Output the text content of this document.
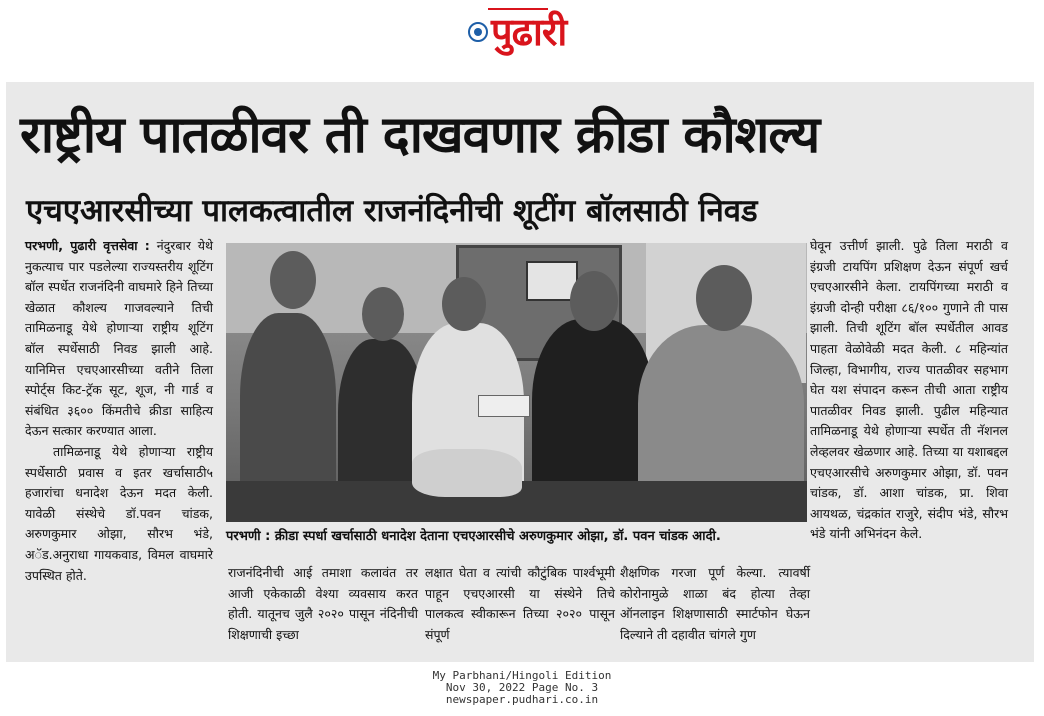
पुढारी
राष्ट्रीय पातळीवर ती दाखवणार क्रीडा कौशल्य
एचएआरसीच्या पालकत्वातील राजनंदिनीची शूटींग बॉलसाठी निवड

परभणी, पुढारी वृत्तसेवा : नंदुरबार येथे नुकत्याच पार पडलेल्या राज्यस्तरीय शूटिंग बॉल स्पर्धेत राजनंदिनी वाघमारे हिने तिच्या खेळात कौशल्य गाजवल्याने तिची तामिळनाडू येथे होणाऱ्या राष्ट्रीय शूटिंग बॉल स्पर्धेसाठी निवड झाली आहे. यानिमित्त एचएआरसीच्या वतीने तिला स्पोर्ट्स किट-ट्रॅक सूट, शूज, नी गार्ड व संबंधित ३६०० किंमतीचे क्रीडा साहित्य देऊन सत्कार करण्यात आला.

तामिळनाडू येथे होणाऱ्या राष्ट्रीय स्पर्धेसाठी प्रवास व इतर खर्चासाठी५ हजारांचा धनादेश देऊन मदत केली. यावेळी संस्थेचे डॉ.पवन चांडक, अरुणकुमार ओझा, सौरभ भंडे, अॅड.अनुराधा गायकवाड, विमल वाघमारे उपस्थित होते.

परभणी : क्रीडा स्पर्धा खर्चासाठी धनादेश देताना एचएआरसीचे अरुणकुमार ओझा, डॉ. पवन चांडक आदी.
राजनंदिनीची आई तमाशा कलावंत तर आजी एकेकाळी वेश्या व्यवसाय करत होती. यातूनच जुलै २०२० पासून नंदिनीची शिक्षणाची इच्छा
लक्षात घेता व त्यांची कौटुंबिक पार्श्वभूमी पाहून एचएआरसी या संस्थेने तिचे पालकत्व स्वीकारून तिच्या २०२० पासून संपूर्ण
शैक्षणिक गरजा पूर्ण केल्या. त्यावर्षी कोरोनामुळे शाळा बंद होत्या तेव्हा ऑनलाइन शिक्षणासाठी स्मार्टफोन घेऊन दिल्याने ती दहावीत चांगले गुण
घेवून उत्तीर्ण झाली. पुढे तिला मराठी व इंग्रजी टायपिंग प्रशिक्षण देऊन संपूर्ण खर्च एचएआरसीने केला. टायपिंगच्या मराठी व इंग्रजी दोन्ही परीक्षा ८६/१०० गुणाने ती पास झाली. तिची शूटिंग बॉल स्पर्धेतील आवड पाहता वेळोवेळी मदत केली. ८ महिन्यांत जिल्हा, विभागीय, राज्य पातळीवर सहभाग घेत यश संपादन करून तीची आता राष्ट्रीय पातळीवर निवड झाली. पुढील महिन्यात तामिळनाडू येथे होणाऱ्या स्पर्धेत ती नॅशनल लेव्हलवर खेळणार आहे. तिच्या या यशाबद्दल एचएआरसीचे अरुणकुमार ओझा, डॉ. पवन चांडक, डॉ. आशा चांडक, प्रा. शिवा आयथळ, चंद्रकांत राजुरे, संदीप भंडे, सौरभ भंडे यांनी अभिनंदन केले.
My Parbhani/Hingoli Edition
Nov 30, 2022 Page No. 3
newspaper.pudhari.co.in
